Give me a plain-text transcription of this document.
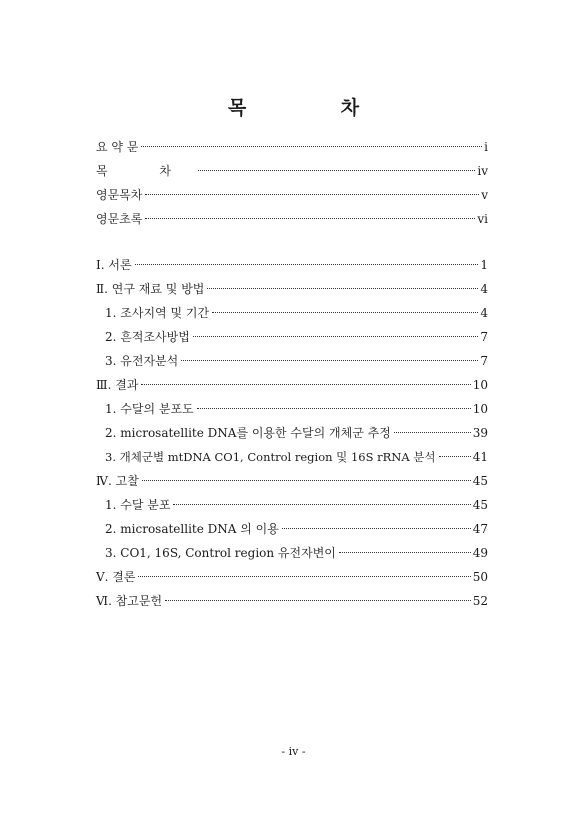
목 차
요 약 문	i
목 차	iv
영문목차	v
영문초록	vi
Ⅰ. 서론	1
Ⅱ. 연구 재료 및 방법	4
1. 조사지역 및 기간	4
2. 흔적조사방법	7
3. 유전자분석	7
Ⅲ. 결과	10
1. 수달의 분포도	10
2. microsatellite DNA를 이용한 수달의 개체군 추정	39
3. 개체군별 mtDNA CO1, Control region 및 16S rRNA 분석	41
Ⅳ. 고찰	45
1. 수달 분포	45
2. microsatellite DNA 의 이용	47
3. CO1, 16S, Control region 유전자변이	49
Ⅴ. 결론	50
Ⅵ. 참고문헌	52
- iv -
